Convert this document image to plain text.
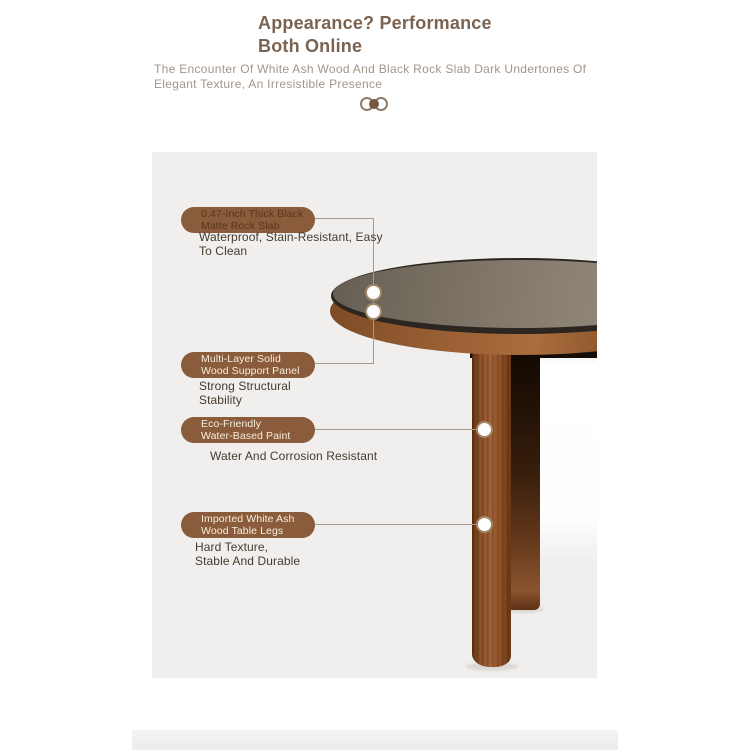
Appearance? Performance
Both Online
The Encounter Of White Ash Wood And Black Rock Slab Dark Undertones Of
Elegant Texture, An Irresistible Presence
0.47-Inch Thick Black
Matte Rock Slab
Waterproof, Stain-Resistant, Easy
To Clean
Multi-Layer Solid
Wood Support Panel
Strong Structural
Stability
Eco-Friendly
Water-Based Paint
Water And Corrosion Resistant
Imported White Ash
Wood Table Legs
Hard Texture,
Stable And Durable
